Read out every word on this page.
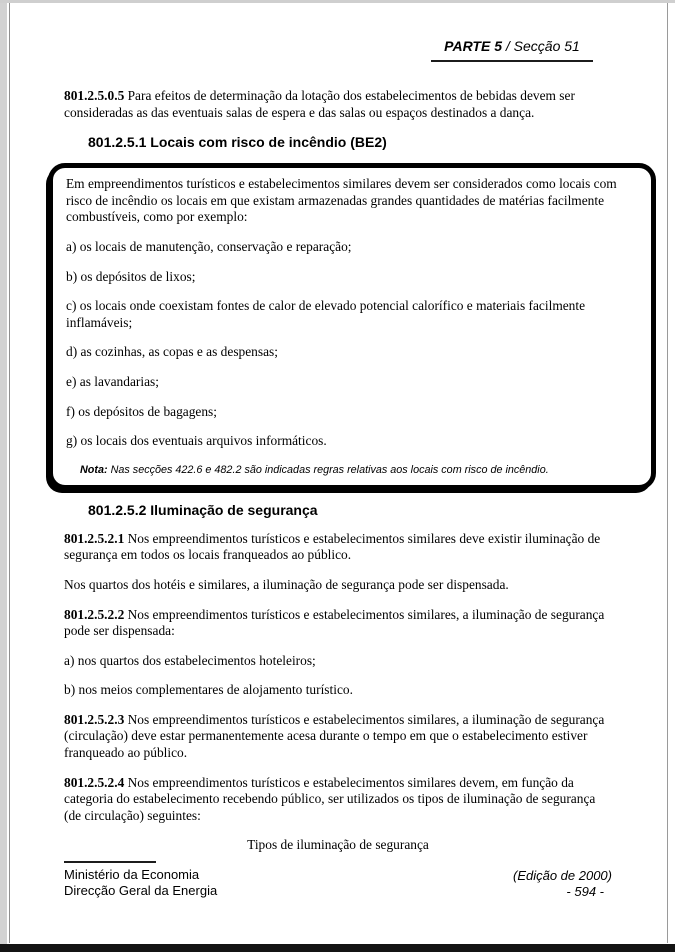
PARTE 5 / Secção 51
801.2.5.0.5 Para efeitos de determinação da lotação dos estabelecimentos de bebidas devem ser consideradas as das eventuais salas de espera e das salas ou espaços destinados a dança.
801.2.5.1 Locais com risco de incêndio (BE2)
Em empreendimentos turísticos e estabelecimentos similares devem ser considerados como locais com risco de incêndio os locais em que existam armazenadas grandes quantidades de matérias facilmente combustíveis, como por exemplo:
a) os locais de manutenção, conservação e reparação;
b) os depósitos de lixos;
c) os locais onde coexistam fontes de calor de elevado potencial calorífico e materiais facilmente inflamáveis;
d) as cozinhas, as copas e as despensas;
e) as lavandarias;
f) os depósitos de bagagens;
g) os locais dos eventuais arquivos informáticos.
Nota: Nas secções 422.6 e 482.2 são indicadas regras relativas aos locais com risco de incêndio.
801.2.5.2 Iluminação de segurança
801.2.5.2.1 Nos empreendimentos turísticos e estabelecimentos similares deve existir iluminação de segurança em todos os locais franqueados ao público.
Nos quartos dos hotéis e similares, a iluminação de segurança pode ser dispensada.
801.2.5.2.2 Nos empreendimentos turísticos e estabelecimentos similares, a iluminação de segurança pode ser dispensada:
a) nos quartos dos estabelecimentos hoteleiros;
b) nos meios complementares de alojamento turístico.
801.2.5.2.3 Nos empreendimentos turísticos e estabelecimentos similares, a iluminação de segurança (circulação) deve estar permanentemente acesa durante o tempo em que o estabelecimento estiver franqueado ao público.
801.2.5.2.4 Nos empreendimentos turísticos e estabelecimentos similares devem, em função da categoria do estabelecimento recebendo público, ser utilizados os tipos de iluminação de segurança (de circulação) seguintes:
Tipos de iluminação de segurança
Ministério da Economia
Direcção Geral da Energia
(Edição de 2000)
- 594 -
